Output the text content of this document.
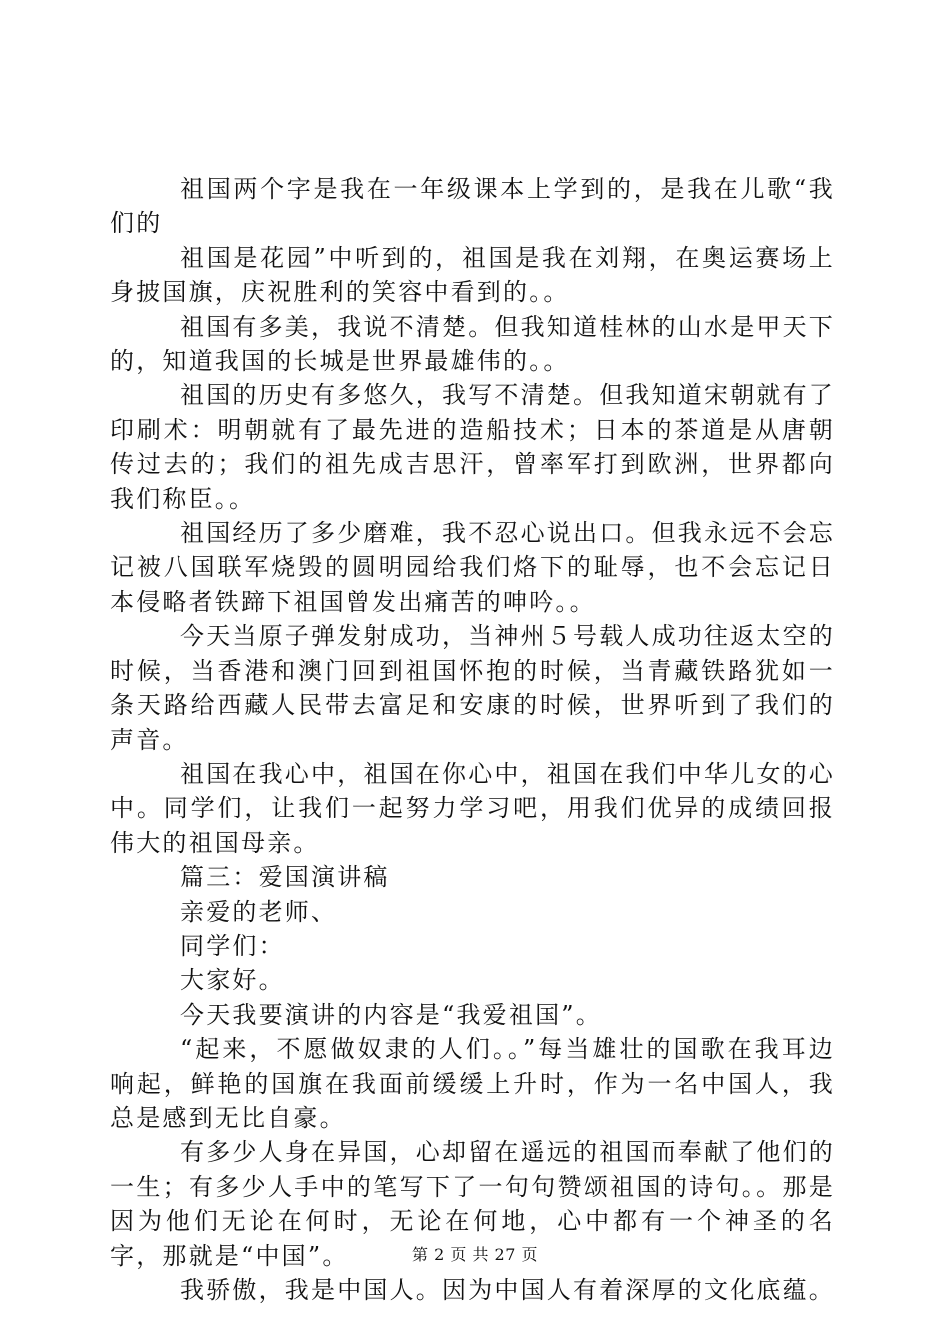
祖国两个字是我在一年级课本上学到的，是我在儿歌“我们的

祖国是花园”中听到的，祖国是我在刘翔，在奥运赛场上身披国旗，庆祝胜利的笑容中看到的。。

祖国有多美，我说不清楚。但我知道桂林的山水是甲天下的，知道我国的长城是世界最雄伟的。。

祖国的历史有多悠久，我写不清楚。但我知道宋朝就有了印刷术：明朝就有了最先进的造船技术；日本的茶道是从唐朝传过去的；我们的祖先成吉思汗，曾率军打到欧洲，世界都向我们称臣。。

祖国经历了多少磨难，我不忍心说出口。但我永远不会忘记被八国联军烧毁的圆明园给我们烙下的耻辱，也不会忘记日本侵略者铁蹄下祖国曾发出痛苦的呻吟。。

今天当原子弹发射成功，当神州５号载人成功往返太空的时候，当香港和澳门回到祖国怀抱的时候，当青藏铁路犹如一条天路给西藏人民带去富足和安康的时候，世界听到了我们的声音。

祖国在我心中，祖国在你心中，祖国在我们中华儿女的心中。同学们，让我们一起努力学习吧，用我们优异的成绩回报伟大的祖国母亲。

篇三：爱国演讲稿

亲爱的老师、

同学们：

大家好。

今天我要演讲的内容是“我爱祖国”。

“起来，不愿做奴隶的人们。。”每当雄壮的国歌在我耳边响起，鲜艳的国旗在我面前缓缓上升时，作为一名中国人，我总是感到无比自豪。

有多少人身在异国，心却留在遥远的祖国而奉献了他们的一生；有多少人手中的笔写下了一句句赞颂祖国的诗句。。那是因为他们无论在何时，无论在何地，心中都有一个神圣的名字，那就是“中国”。

我骄傲，我是中国人。因为中国人有着深厚的文化底蕴。

第 2 页 共 27 页
